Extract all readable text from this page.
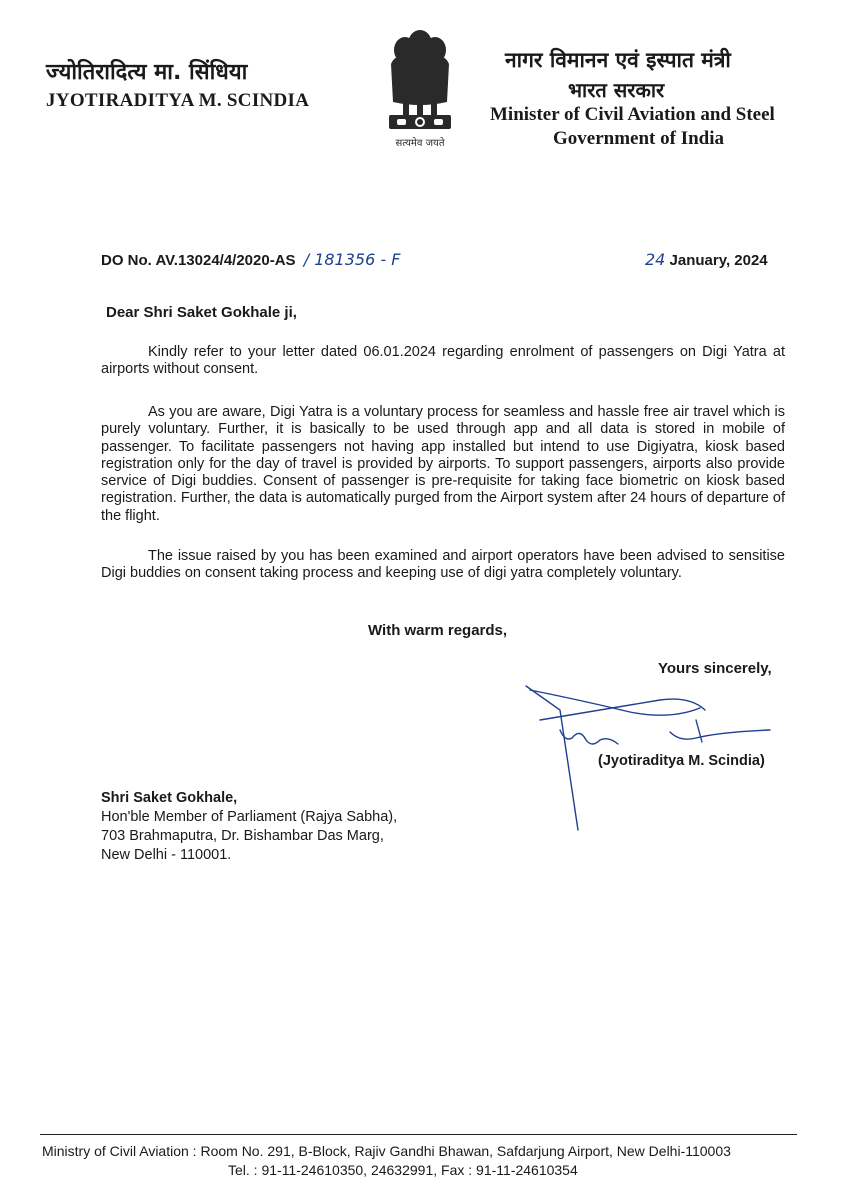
ज्योतिरादित्य मा. सिंधिया
JYOTIRADITYA M. SCINDIA
सत्यमेव जयते
नागर विमानन एवं इस्पात मंत्री
भारत सरकार
Minister of Civil Aviation and Steel
Government of India
DO No. AV.13024/4/2020-AS / 181356 - F	24 January, 2024
Dear Shri Saket Gokhale ji,

Kindly refer to your letter dated 06.01.2024 regarding enrolment of passengers on Digi Yatra at airports without consent.

As you are aware, Digi Yatra is a voluntary process for seamless and hassle free air travel which is purely voluntary. Further, it is basically to be used through app and all data is stored in mobile of passenger. To facilitate passengers not having app installed but intend to use Digiyatra, kiosk based registration only for the day of travel is provided by airports. To support passengers, airports also provide service of Digi buddies. Consent of passenger is pre-requisite for taking face biometric on kiosk based registration. Further, the data is automatically purged from the Airport system after 24 hours of departure of the flight.

The issue raised by you has been examined and airport operators have been advised to sensitise Digi buddies on consent taking process and keeping use of digi yatra completely voluntary.

With warm regards,
Yours sincerely,
(Jyotiraditya M. Scindia)
Shri Saket Gokhale,
Hon'ble Member of Parliament (Rajya Sabha),
703 Brahmaputra, Dr. Bishambar Das Marg,
New Delhi - 110001.
Ministry of Civil Aviation : Room No. 291, B-Block, Rajiv Gandhi Bhawan, Safdarjung Airport, New Delhi-110003
Tel. : 91-11-24610350, 24632991, Fax : 91-11-24610354
